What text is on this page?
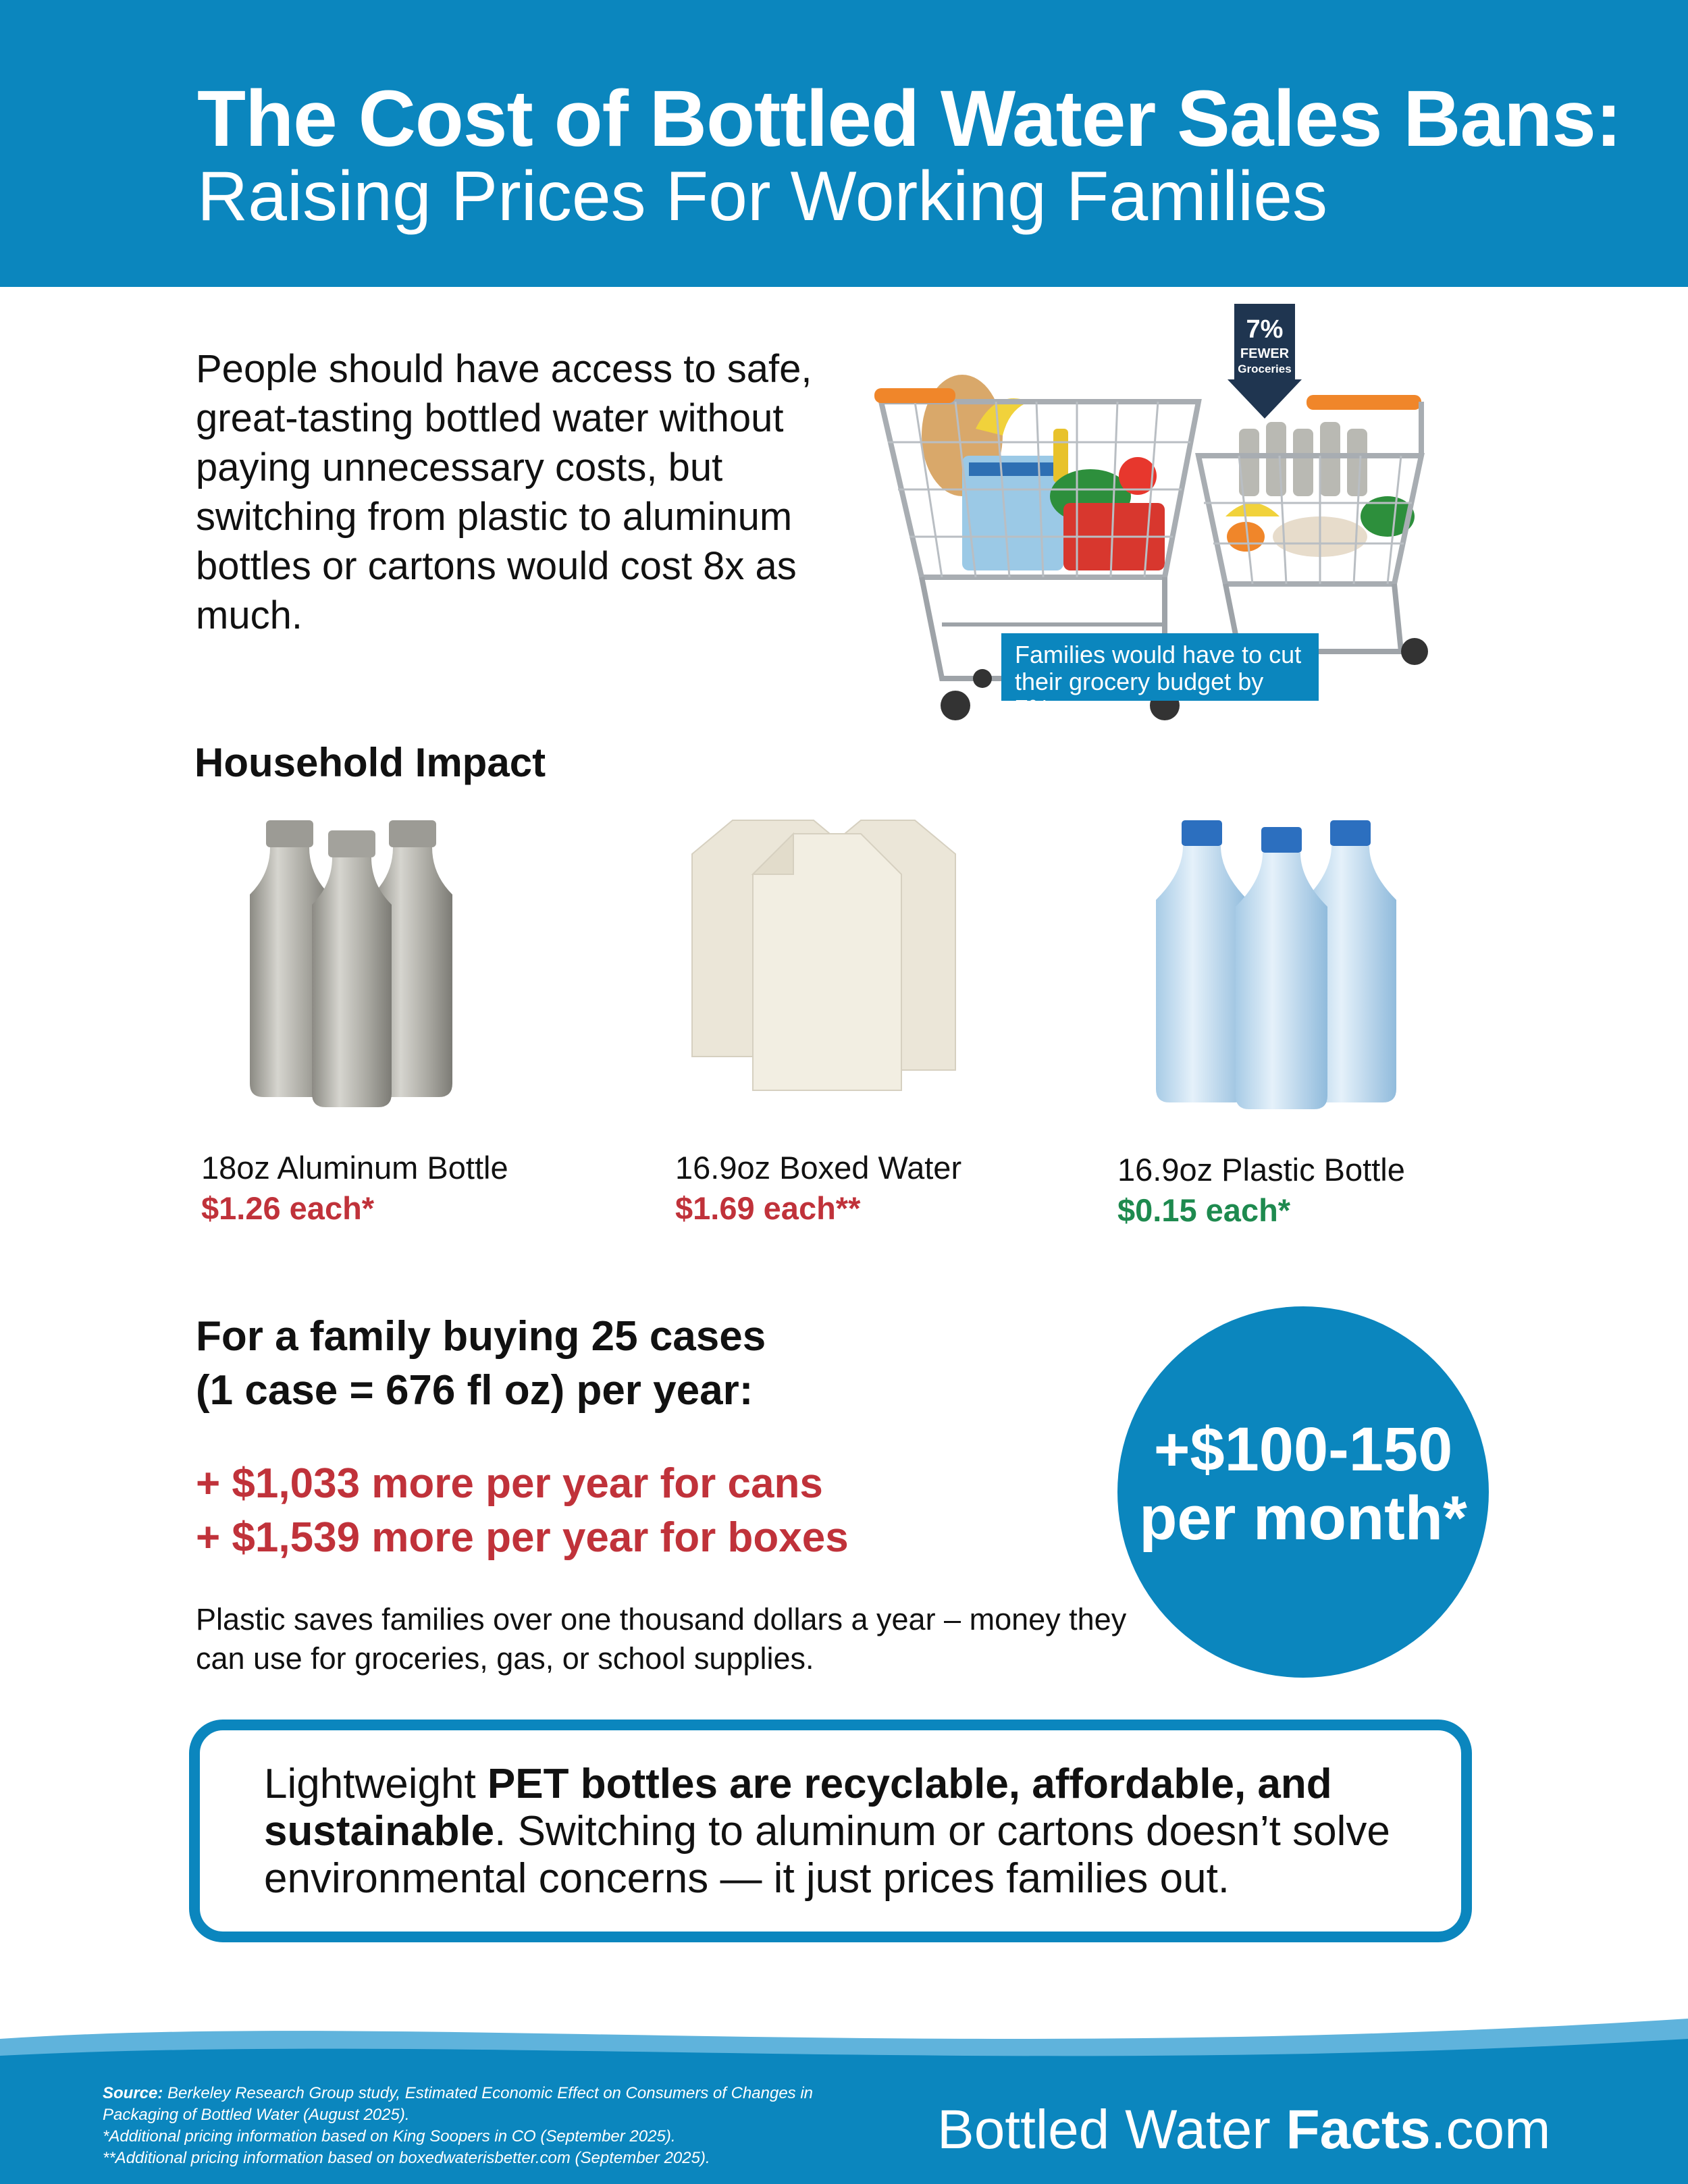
The Cost of Bottled Water Sales Bans:
Raising Prices For Working Families
People should have access to safe, great-tasting bottled water without paying unnecessary costs, but switching from plastic to aluminum bottles or cartons would cost 8x as much.
7%
FEWER
Groceries
Families would have to cut their grocery budget by 7%
Household Impact
18oz Aluminum Bottle
$1.26 each*
16.9oz Boxed Water
$1.69 each**
16.9oz Plastic Bottle
$0.15 each*
For a family buying 25 cases
(1 case = 676 fl oz) per year:
+ $1,033 more per year for cans
+ $1,539 more per year for boxes
Plastic saves families over one thousand dollars a year – money they can use for groceries, gas, or school supplies.
+$100-150
per month*
Lightweight PET bottles are recyclable, affordable, and sustainable. Switching to aluminum or cartons doesn’t solve environmental concerns — it just prices families out.
Source: Berkeley Research Group study, Estimated Economic Effect on Consumers of Changes in Packaging of Bottled Water (August 2025).
*Additional pricing information based on King Soopers in CO (September 2025).
**Additional pricing information based on boxedwaterisbetter.com (September 2025).	Bottled Water Facts.com
